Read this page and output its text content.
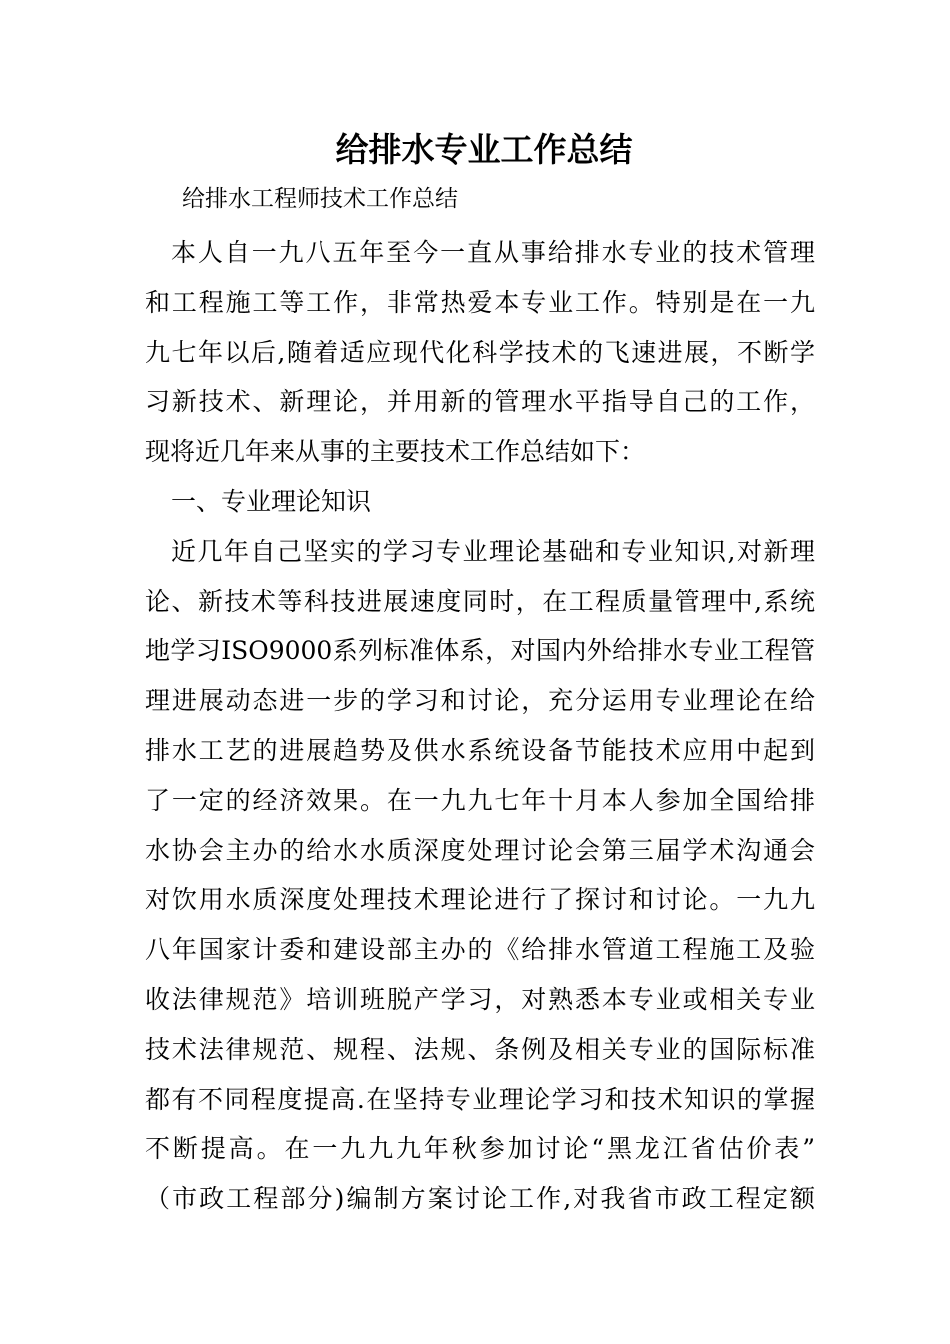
给排水专业工作总结
给排水工程师技术工作总结
本人自一九八五年至今一直从事给排水专业的技术管理
和工程施工等工作，非常热爱本专业工作。特别是在一九
九七年以后,随着适应现代化科学技术的飞速进展，不断学
习新技术、新理论，并用新的管理水平指导自己的工作，
现将近几年来从事的主要技术工作总结如下：
一、专业理论知识
近几年自己坚实的学习专业理论基础和专业知识,对新理
论、新技术等科技进展速度同时，在工程质量管理中,系统
地学习ISO9000系列标准体系，对国内外给排水专业工程管
理进展动态进一步的学习和讨论，充分运用专业理论在给
排水工艺的进展趋势及供水系统设备节能技术应用中起到
了一定的经济效果。在一九九七年十月本人参加全国给排
水协会主办的给水水质深度处理讨论会第三届学术沟通会
对饮用水质深度处理技术理论进行了探讨和讨论。一九九
八年国家计委和建设部主办的《给排水管道工程施工及验
收法律规范》培训班脱产学习，对熟悉本专业或相关专业
技术法律规范、规程、法规、条例及相关专业的国际标准
都有不同程度提高.在坚持专业理论学习和技术知识的掌握
不断提高。在一九九九年秋参加讨论“黑龙江省估价表”
（市政工程部分)编制方案讨论工作,对我省市政工程定额
